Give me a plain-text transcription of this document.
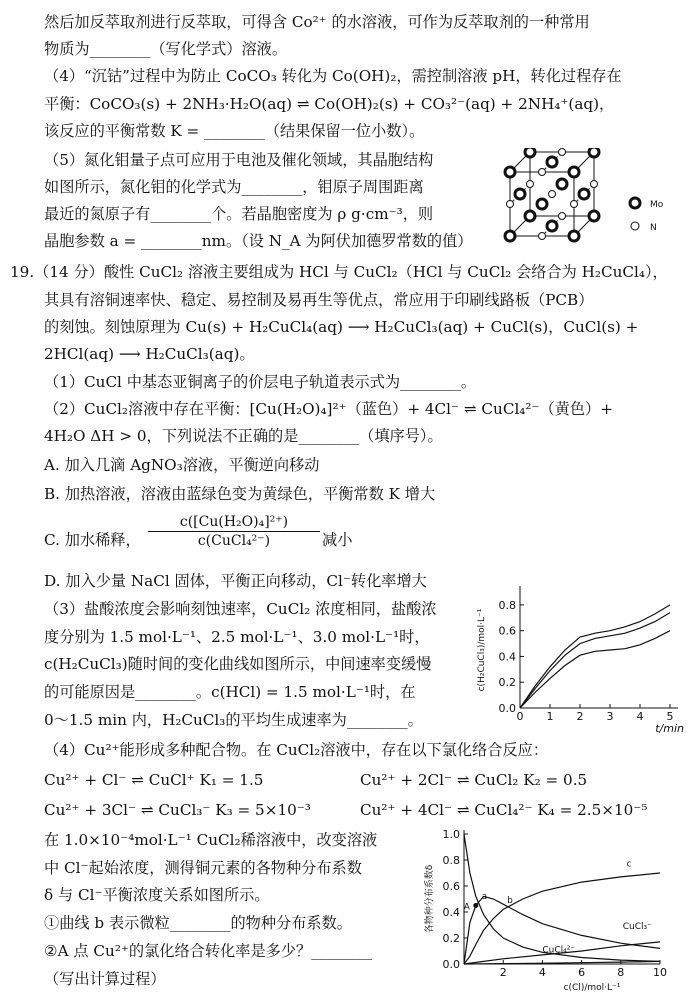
然后加反萃取剂进行反萃取，可得含 Co²⁺ 的水溶液，可作为反萃取剂的一种常用
物质为________（写化学式）溶液。
（4）“沉钴”过程中为防止 CoCO₃ 转化为 Co(OH)₂，需控制溶液 pH，转化过程存在
平衡：CoCO₃(s) + 2NH₃·H₂O(aq) ⇌ Co(OH)₂(s) + CO₃²⁻(aq) + 2NH₄⁺(aq)，
该反应的平衡常数 K = ________（结果保留一位小数）。
（5）氮化钼量子点可应用于电池及催化领域，其晶胞结构
如图所示，氮化钼的化学式为________，钼原子周围距离
最近的氮原子有________个。若晶胞密度为 ρ g·cm⁻³，则
晶胞参数 a = ________nm。（设 N_A 为阿伏加德罗常数的值）
19.（14 分）酸性 CuCl₂ 溶液主要组成为 HCl 与 CuCl₂（HCl 与 CuCl₂ 会络合为 H₂CuCl₄），
其具有溶铜速率快、稳定、易控制及易再生等优点，常应用于印刷线路板（PCB）
的刻蚀。刻蚀原理为 Cu(s) + H₂CuCl₄(aq) ⟶ H₂CuCl₃(aq) + CuCl(s)，CuCl(s) +
2HCl(aq) ⟶ H₂CuCl₃(aq)。
（1）CuCl 中基态亚铜离子的价层电子轨道表示式为________。
（2）CuCl₂溶液中存在平衡：[Cu(H₂O)₄]²⁺（蓝色）+ 4Cl⁻ ⇌ CuCl₄²⁻（黄色）+
4H₂O ΔH > 0，下列说法不正确的是________（填序号）。
A. 加入几滴 AgNO₃溶液，平衡逆向移动
B. 加热溶液，溶液由蓝绿色变为黄绿色，平衡常数 K 增大
C. 加水稀释，
c([Cu(H₂O)₄]²⁺)
c(CuCl₄²⁻)	减小
D. 加入少量 NaCl 固体，平衡正向移动，Cl⁻转化率增大
（3）盐酸浓度会影响刻蚀速率，CuCl₂ 浓度相同，盐酸浓
度分别为 1.5 mol·L⁻¹、2.5 mol·L⁻¹、3.0 mol·L⁻¹时，
c(H₂CuCl₃)随时间的变化曲线如图所示，中间速率变缓慢
的可能原因是________。c(HCl) = 1.5 mol·L⁻¹时，在
0～1.5 min 内，H₂CuCl₃的平均生成速率为________。
（4）Cu²⁺能形成多种配合物。在 CuCl₂溶液中，存在以下氯化络合反应：
Cu²⁺ + Cl⁻ ⇌ CuCl⁺ K₁ = 1.5	Cu²⁺ + 2Cl⁻ ⇌ CuCl₂ K₂ = 0.5
Cu²⁺ + 3Cl⁻ ⇌ CuCl₃⁻ K₃ = 5×10⁻³	Cu²⁺ + 4Cl⁻ ⇌ CuCl₄²⁻ K₄ = 2.5×10⁻⁵
在 1.0×10⁻⁴mol·L⁻¹ CuCl₂稀溶液中，改变溶液
中 Cl⁻起始浓度，测得铜元素的各物种分布系数
δ 与 Cl⁻平衡浓度关系如图所示。
①曲线 b 表示微粒________的物种分布系数。
②A 点 Cu²⁺的氯化络合转化率是多少？________
（写出计算过程）
Mo
N
0 1 2 3 4 5
0.0
0.2
0.4
0.6
0.8
c(H₂CuCl₃)/mol·L⁻¹
t/min
2	4	6	8	10
0.0
0.2
0.4
0.6
0.8
1.0
a b
c
CuCl₃⁻
CuCl₄²⁻
A
各物种分布系数δ
c(Cl)/mol·L⁻¹
